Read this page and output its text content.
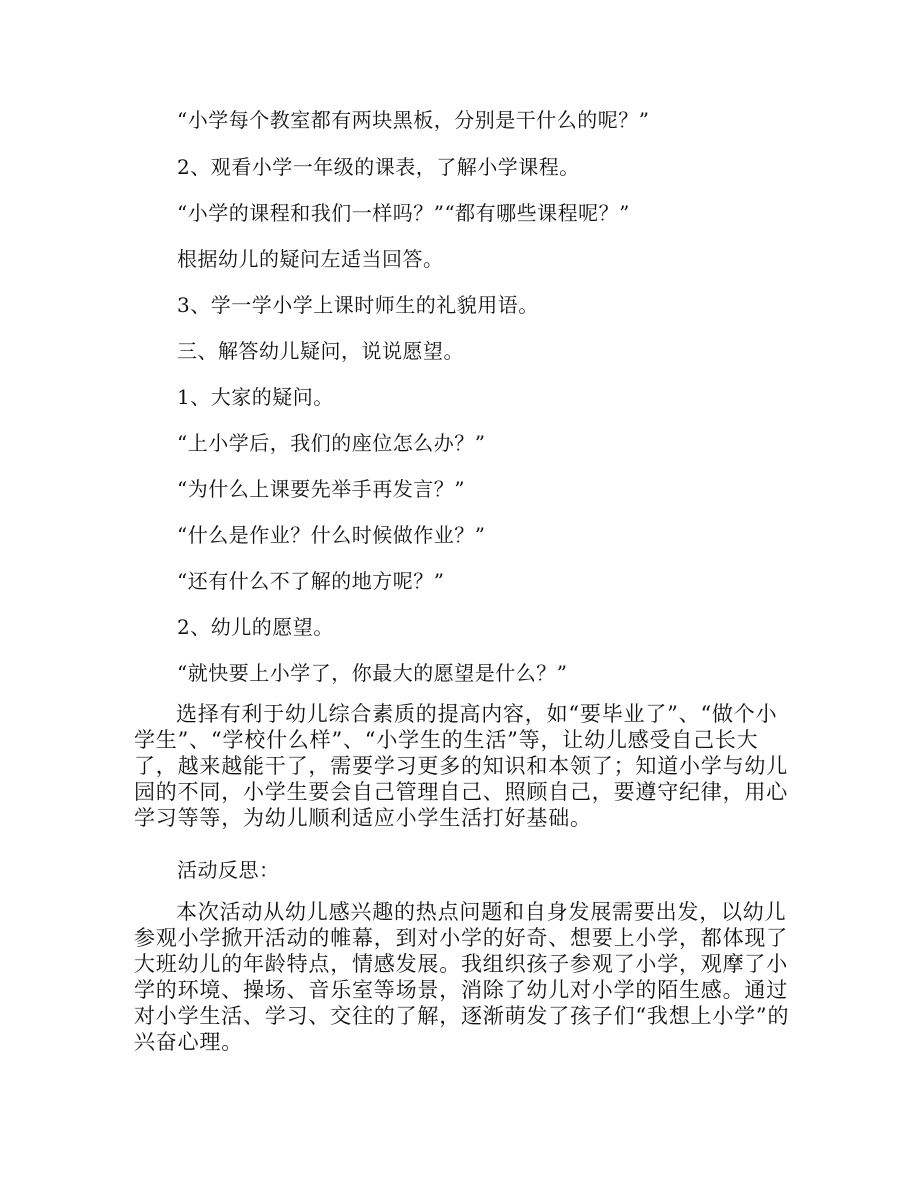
“小学每个教室都有两块黑板，分别是干什么的呢？”
2、观看小学一年级的课表，了解小学课程。
“小学的课程和我们一样吗？”“都有哪些课程呢？”
根据幼儿的疑问左适当回答。
3、学一学小学上课时师生的礼貌用语。
三、解答幼儿疑问，说说愿望。
1、大家的疑问。
“上小学后，我们的座位怎么办？”
“为什么上课要先举手再发言？”
“什么是作业？什么时候做作业？”
“还有什么不了解的地方呢？”
2、幼儿的愿望。
“就快要上小学了，你最大的愿望是什么？”

选择有利于幼儿综合素质的提高内容，如“要毕业了”、“做个小学生”、“学校什么样”、“小学生的生活”等，让幼儿感受自己长大了，越来越能干了，需要学习更多的知识和本领了；知道小学与幼儿园的不同，小学生要会自己管理自己、照顾自己，要遵守纪律，用心学习等等，为幼儿顺利适应小学生活打好基础。

活动反思：

本次活动从幼儿感兴趣的热点问题和自身发展需要出发，以幼儿参观小学掀开活动的帷幕，到对小学的好奇、想要上小学，都体现了大班幼儿的年龄特点，情感发展。我组织孩子参观了小学，观摩了小学的环境、操场、音乐室等场景，消除了幼儿对小学的陌生感。通过对小学生活、学习、交往的了解，逐渐萌发了孩子们“我想上小学”的兴奋心理。
